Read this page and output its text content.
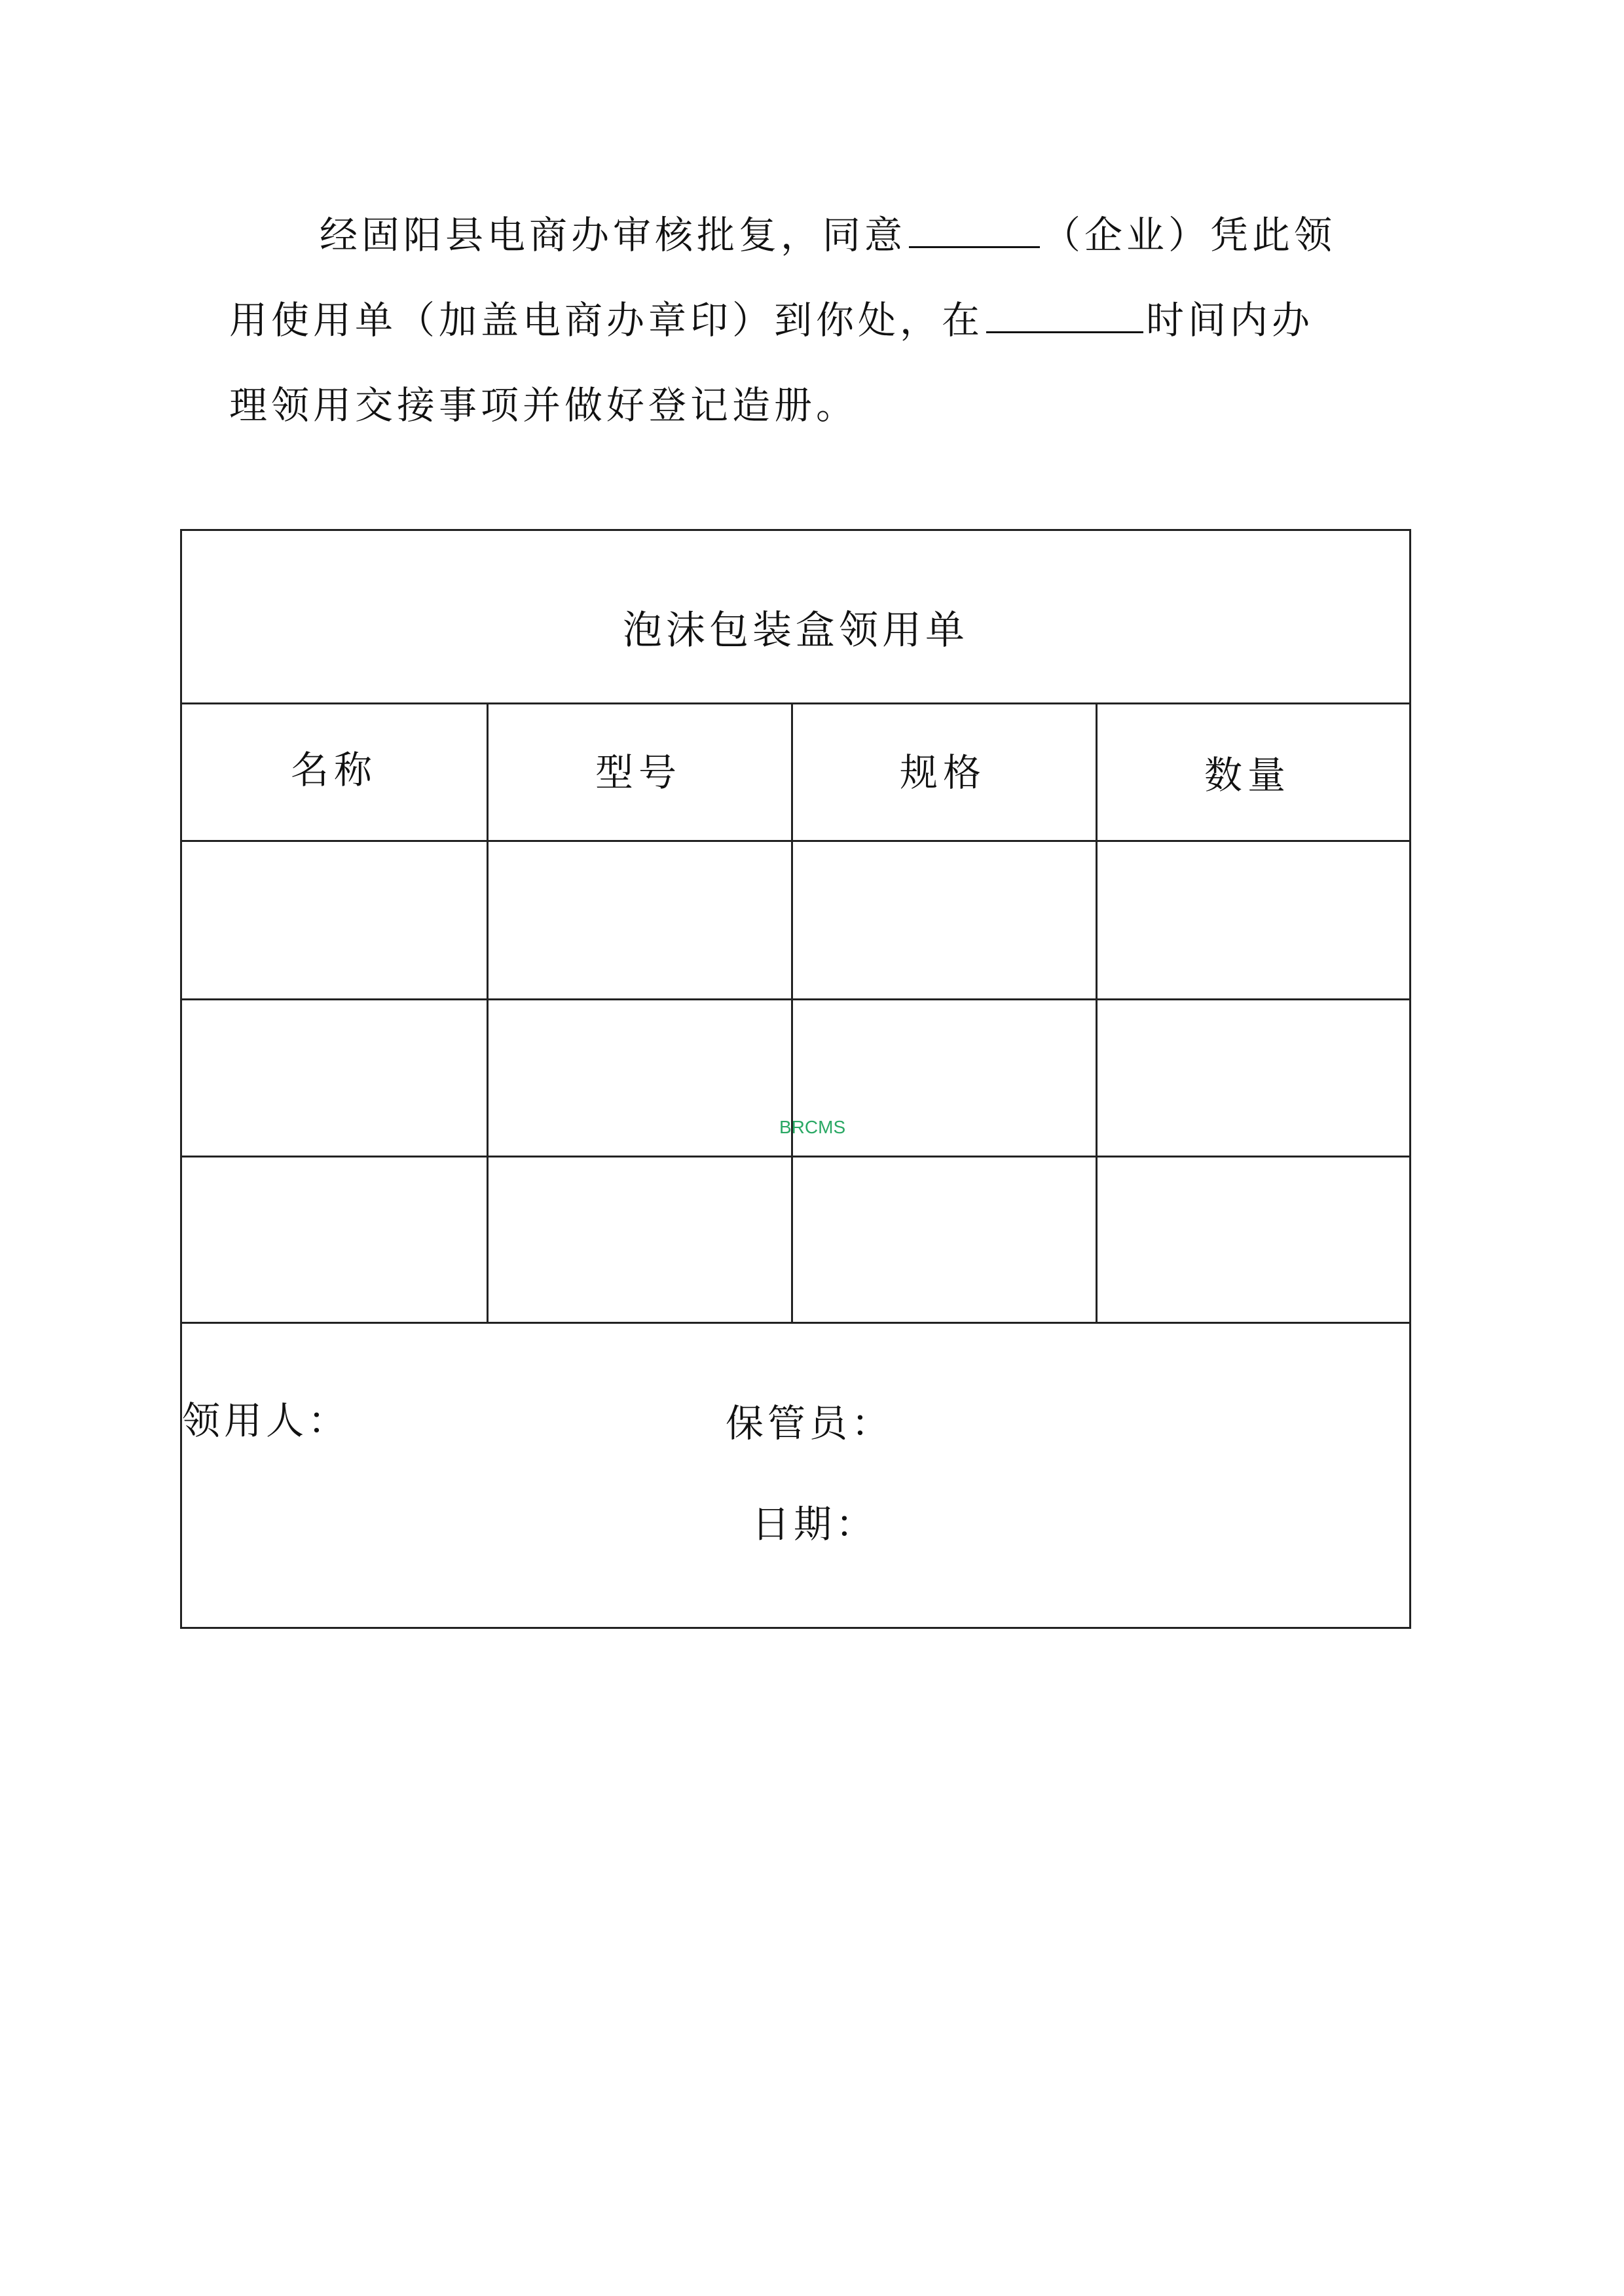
经固阳县电商办审核批复，同意	（企业）凭此领
用使用单（加盖电商办章印）到你处，在	时间内办
理领用交接事项并做好登记造册。
泡沫包装盒领用单
名称	型号	规格	数量
领用人：	保管员：
日期：
BRCMS
